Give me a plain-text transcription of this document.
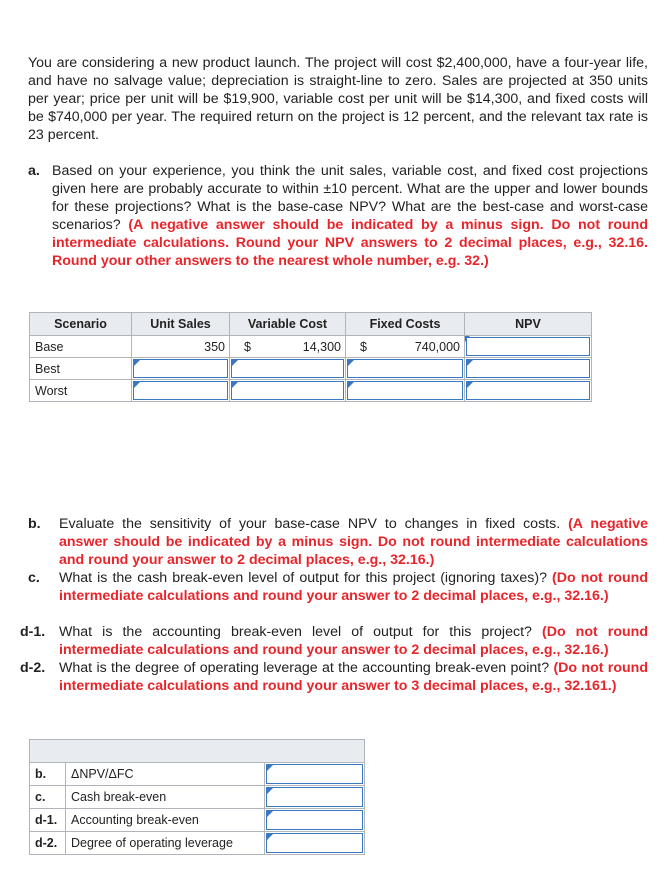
You are considering a new product launch. The project will cost $2,400,000, have a four-year life, and have no salvage value; depreciation is straight-line to zero. Sales are projected at 350 units per year; price per unit will be $19,900, variable cost per unit will be $14,300, and fixed costs will be $740,000 per year. The required return on the project is 12 percent, and the relevant tax rate is 23 percent.

a. Based on your experience, you think the unit sales, variable cost, and fixed cost projections given here are probably accurate to within ±10 percent. What are the upper and lower bounds for these projections? What is the base-case NPV? What are the best-case and worst-case scenarios? (A negative answer should be indicated by a minus sign. Do not round intermediate calculations. Round your NPV answers to 2 decimal places, e.g., 32.16. Round your other answers to the nearest whole number, e.g. 32.)

Scenario	Unit Sales	Variable Cost	Fixed Costs	NPV
Base	350	$ 14,300	$ 740,000	

Best	

Worst	

b. Evaluate the sensitivity of your base-case NPV to changes in fixed costs. (A negative answer should be indicated by a minus sign. Do not round intermediate calculations and round your answer to 2 decimal places, e.g., 32.16.)

c. What is the cash break-even level of output for this project (ignoring taxes)? (Do not round intermediate calculations and round your answer to 2 decimal places, e.g., 32.16.)

d-1. What is the accounting break-even level of output for this project? (Do not round intermediate calculations and round your answer to 2 decimal places, e.g., 32.16.)

d-2. What is the degree of operating leverage at the accounting break-even point? (Do not round intermediate calculations and round your answer to 3 decimal places, e.g., 32.161.)

b.	ΔNPV/ΔFC	

c.	Cash break-even	

d-1.	Accounting break-even	

d-2.	Degree of operating leverage	
